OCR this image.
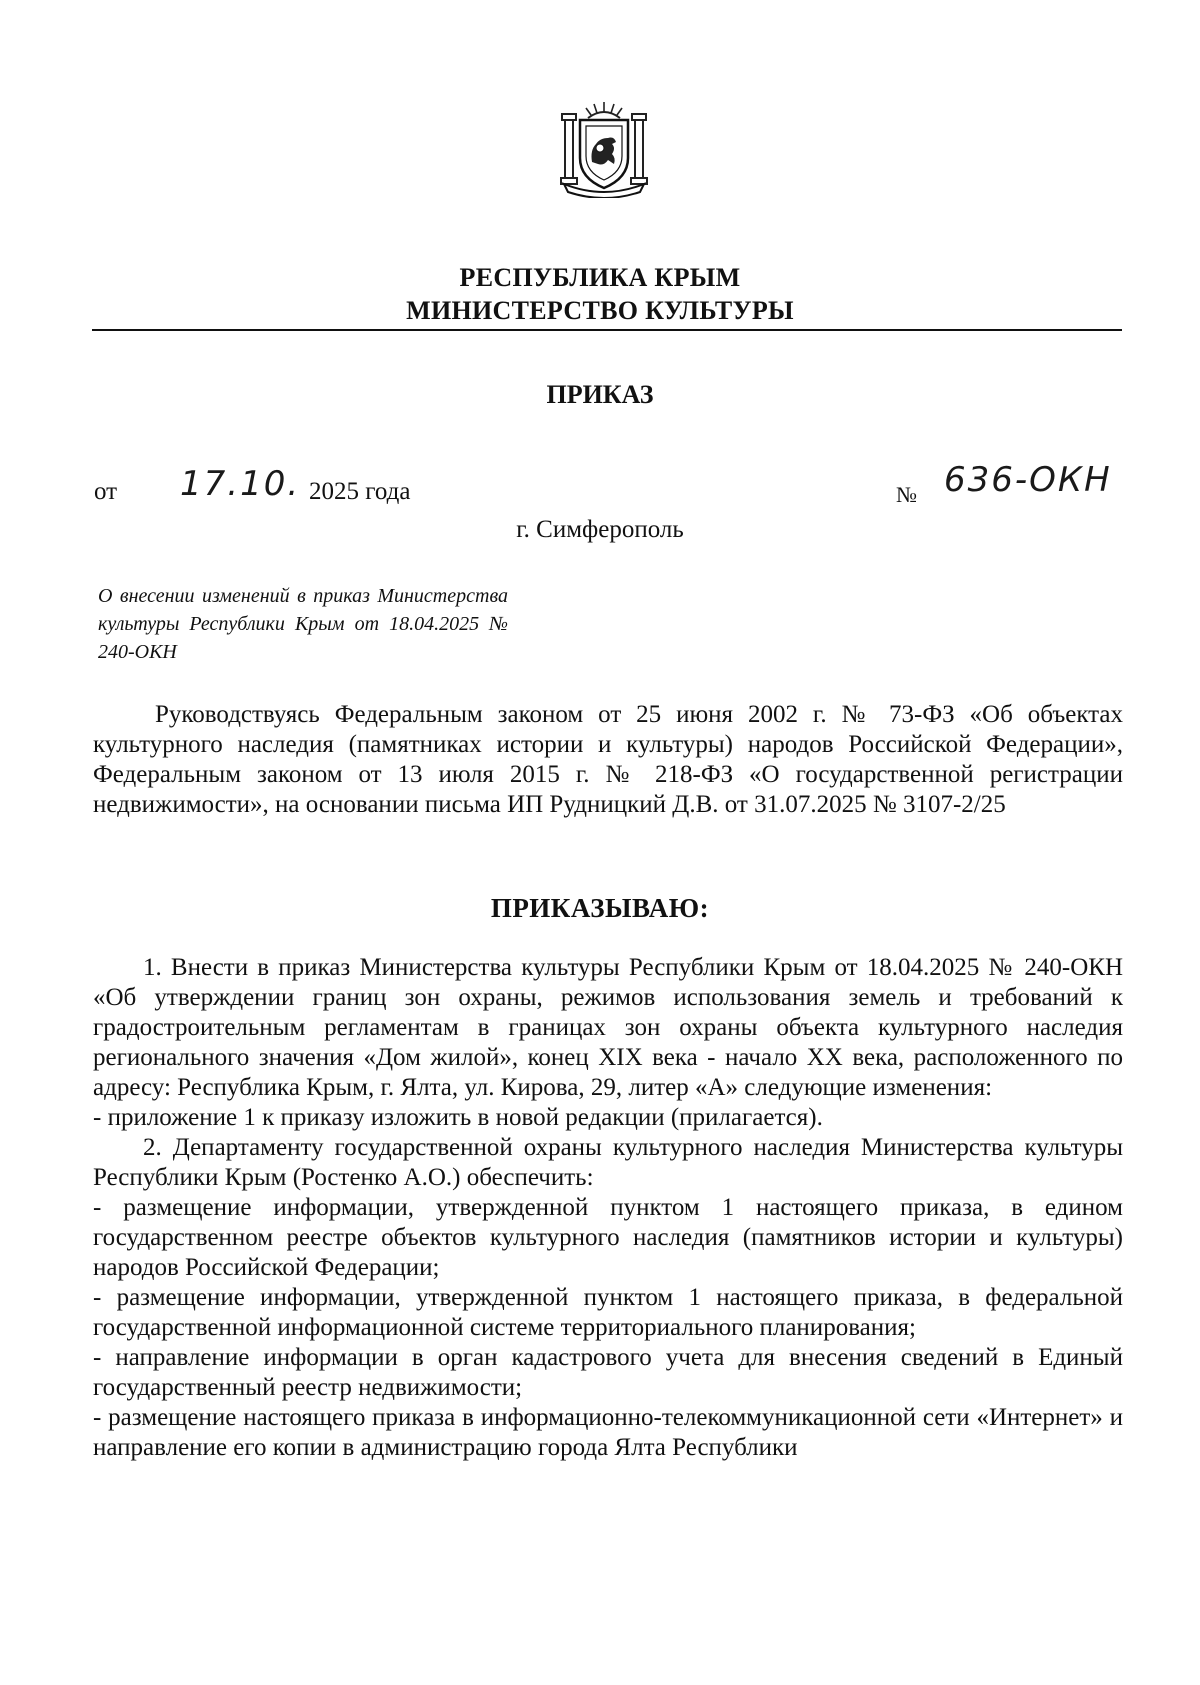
РЕСПУБЛИКА КРЫМ
МИНИСТЕРСТВО КУЛЬТУРЫ
ПРИКАЗ
от 17.10. 2025 года	№ 636-ОКН
г. Симферополь
О внесении изменений в приказ Министерства культуры Республики Крым от 18.04.2025 № 240-ОКН
Руководствуясь Федеральным законом от 25 июня 2002 г. № 73-ФЗ «Об объектах культурного наследия (памятниках истории и культуры) народов Российской Федерации», Федеральным законом от 13 июля 2015 г. № 218-ФЗ «О государственной регистрации недвижимости», на основании письма ИП Рудницкий Д.В. от 31.07.2025 № 3107-2/25
ПРИКАЗЫВАЮ:

1. Внести в приказ Министерства культуры Республики Крым от 18.04.2025 № 240-ОКН «Об утверждении границ зон охраны, режимов использования земель и требований к градостроительным регламентам в границах зон охраны объекта культурного наследия регионального значения «Дом жилой», конец XIX века - начало XX века, расположенного по адресу: Республика Крым, г. Ялта, ул. Кирова, 29, литер «А» следующие изменения:

- приложение 1 к приказу изложить в новой редакции (прилагается).

2. Департаменту государственной охраны культурного наследия Министерства культуры Республики Крым (Ростенко А.О.) обеспечить:

- размещение информации, утвержденной пунктом 1 настоящего приказа, в едином государственном реестре объектов культурного наследия (памятников истории и культуры) народов Российской Федерации;

- размещение информации, утвержденной пунктом 1 настоящего приказа, в федеральной государственной информационной системе территориального планирования;

- направление информации в орган кадастрового учета для внесения сведений в Единый государственный реестр недвижимости;

- размещение настоящего приказа в информационно-телекоммуникационной сети «Интернет» и направление его копии в администрацию города Ялта Республики
